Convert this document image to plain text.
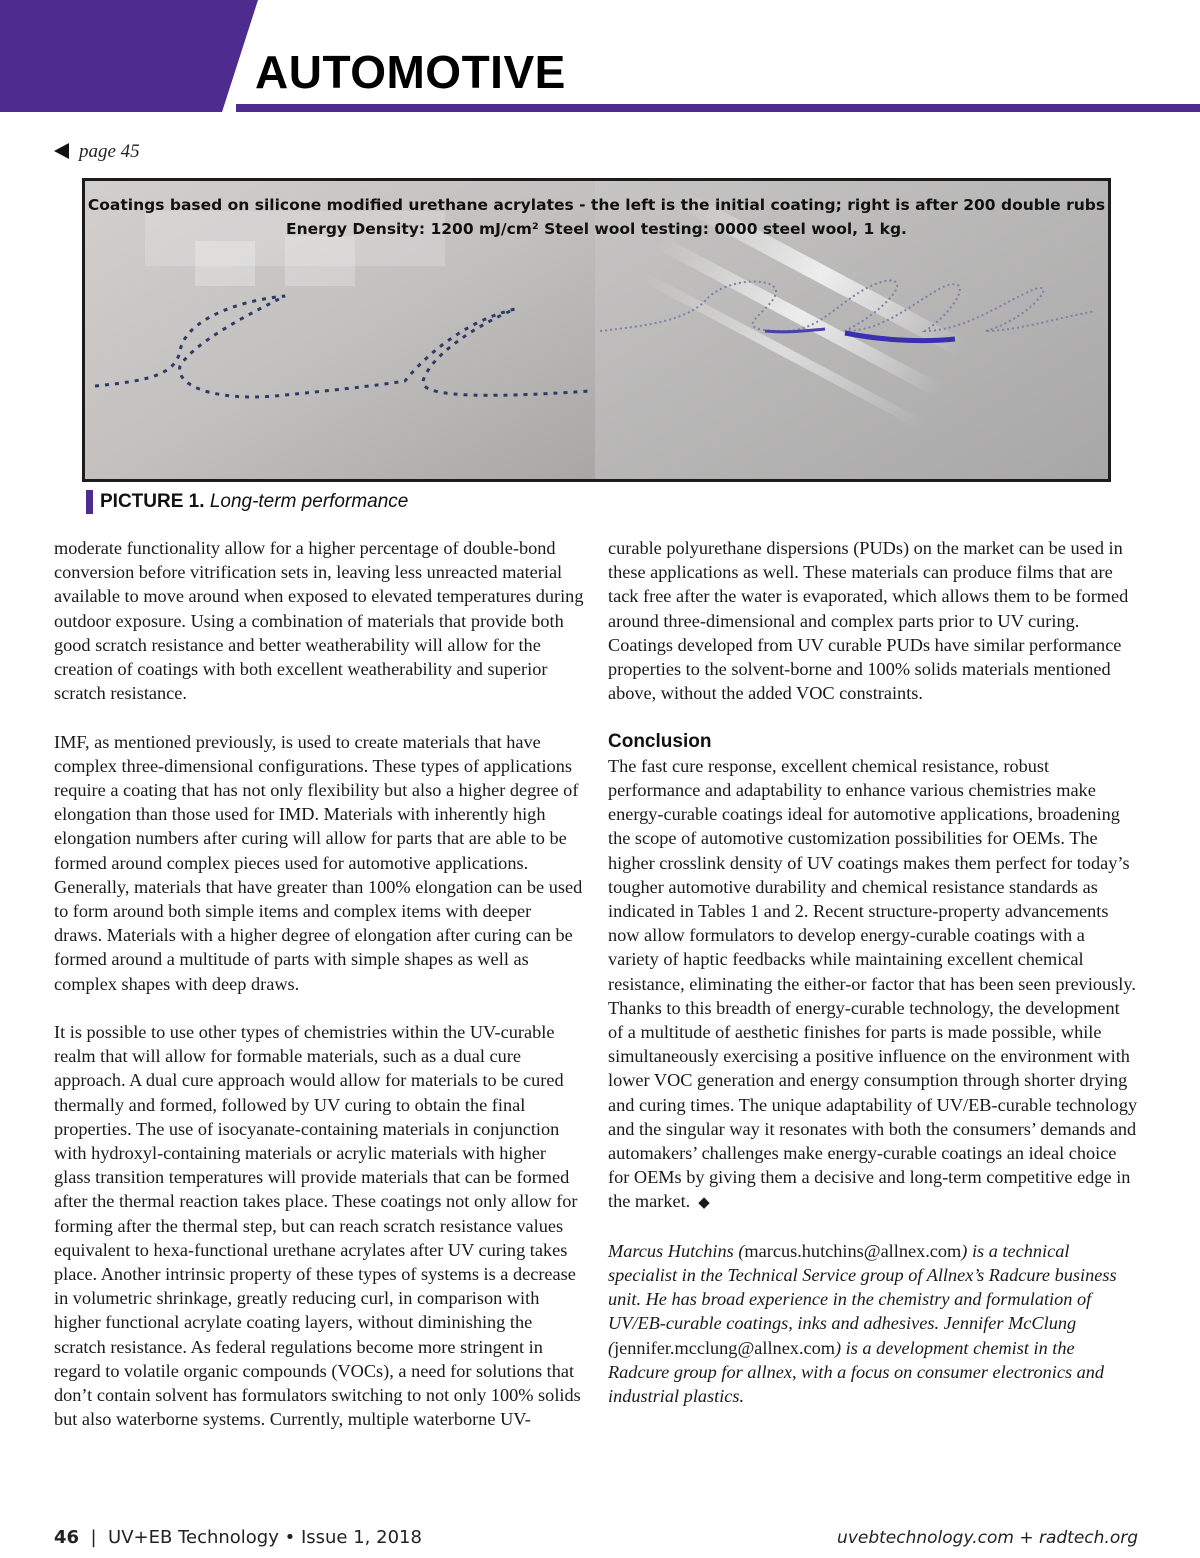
AUTOMOTIVE
page 45
Coatings based on silicone modified urethane acrylates - the left is the initial coating; right is after 200 double rubs
Energy Density: 1200 mJ/cm² Steel wool testing: 0000 steel wool, 1 kg.
PICTURE 1. Long-term performance

moderate functionality allow for a higher percentage of double-bond conversion before vitrification sets in, leaving less unreacted material available to move around when exposed to elevated temperatures during outdoor exposure. Using a combination of materials that provide both good scratch resistance and better weatherability will allow for the creation of coatings with both excellent weatherability and superior scratch resistance.

IMF, as mentioned previously, is used to create materials that have complex three-dimensional configurations. These types of applications require a coating that has not only flexibility but also a higher degree of elongation than those used for IMD. Materials with inherently high elongation numbers after curing will allow for parts that are able to be formed around complex pieces used for automotive applications. Generally, materials that have greater than 100% elongation can be used to form around both simple items and complex items with deeper draws. Materials with a higher degree of elongation after curing can be formed around a multitude of parts with simple shapes as well as complex shapes with deep draws.

It is possible to use other types of chemistries within the UV-curable realm that will allow for formable materials, such as a dual cure approach. A dual cure approach would allow for materials to be cured thermally and formed, followed by UV curing to obtain the final properties. The use of isocyanate-containing materials in conjunction with hydroxyl-containing materials or acrylic materials with higher glass transition temperatures will provide materials that can be formed after the thermal reaction takes place. These coatings not only allow for forming after the thermal step, but can reach scratch resistance values equivalent to hexa-functional urethane acrylates after UV curing takes place. Another intrinsic property of these types of systems is a decrease in volumetric shrinkage, greatly reducing curl, in comparison with higher functional acrylate coating layers, without diminishing the scratch resistance. As federal regulations become more stringent in regard to volatile organic compounds (VOCs), a need for solutions that don’t contain solvent has formulators switching to not only 100% solids but also waterborne systems. Currently, multiple waterborne UV-

curable polyurethane dispersions (PUDs) on the market can be used in these applications as well. These materials can produce films that are tack free after the water is evaporated, which allows them to be formed around three-dimensional and complex parts prior to UV curing. Coatings developed from UV curable PUDs have similar performance properties to the solvent-borne and 100% solids materials mentioned above, without the added VOC constraints.

Conclusion

The fast cure response, excellent chemical resistance, robust performance and adaptability to enhance various chemistries make energy-curable coatings ideal for automotive applications, broadening the scope of automotive customization possibilities for OEMs. The higher crosslink density of UV coatings makes them perfect for today’s tougher automotive durability and chemical resistance standards as indicated in Tables 1 and 2. Recent structure-property advancements now allow formulators to develop energy-curable coatings with a variety of haptic feedbacks while maintaining excellent chemical resistance, eliminating the either-or factor that has been seen previously. Thanks to this breadth of energy-curable technology, the development of a multitude of aesthetic finishes for parts is made possible, while simultaneously exercising a positive influence on the environment with lower VOC generation and energy consumption through shorter drying and curing times. The unique adaptability of UV/EB-curable technology and the singular way it resonates with both the consumers’ demands and automakers’ challenges make energy-curable coatings an ideal choice for OEMs by giving them a decisive and long-term competitive edge in the market. ◆

Marcus Hutchins (marcus.hutchins@allnex.com) is a technical specialist in the Technical Service group of Allnex’s Radcure business unit. He has broad experience in the chemistry and formulation of UV/EB-curable coatings, inks and adhesives. Jennifer McClung (jennifer.mcclung@allnex.com) is a development chemist in the Radcure group for allnex, with a focus on consumer electronics and industrial plastics.

46 | UV+EB Technology • Issue 1, 2018	uvebtechnology.com + radtech.org
